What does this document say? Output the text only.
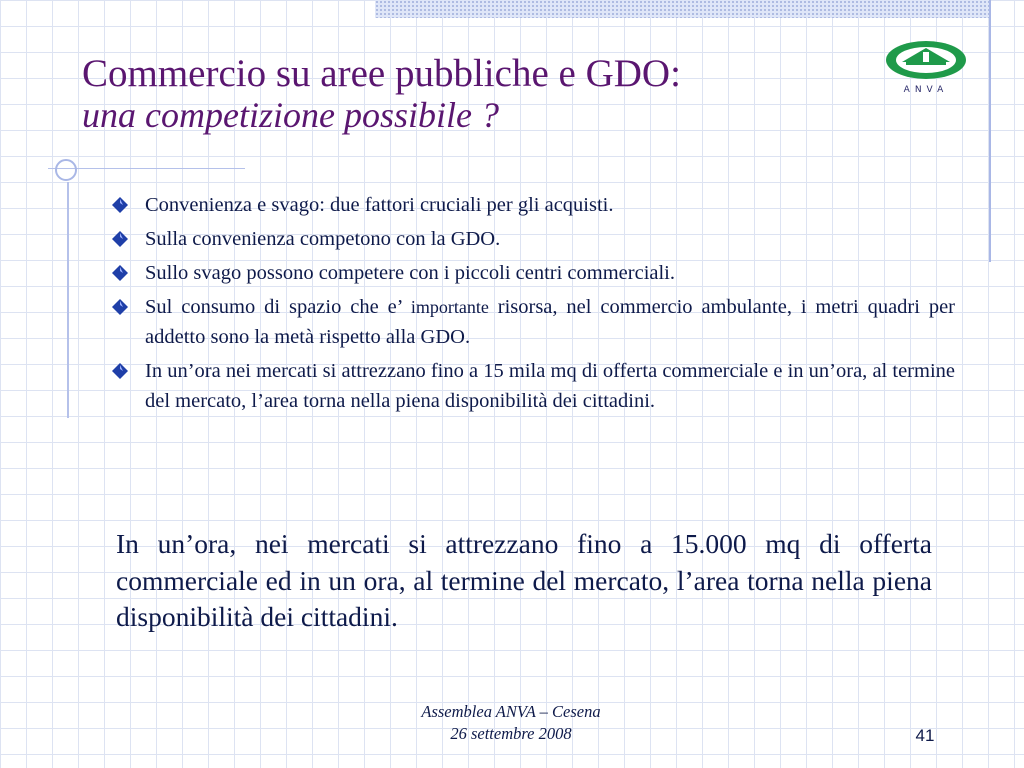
Commercio su aree pubbliche e GDO:
una competizione possibile ?
ANVA
Convenienza e svago: due fattori cruciali per gli acquisti.
Sulla convenienza competono con la GDO.
Sullo svago possono competere con i piccoli centri commerciali.
Sul consumo di spazio che e’ importante risorsa, nel commercio ambulante, i metri quadri per addetto sono la metà rispetto alla GDO.
In un’ora nei mercati si attrezzano fino a 15 mila mq di offerta commerciale e in un’ora, al termine del mercato, l’area torna nella piena disponibilità dei cittadini.

In un’ora, nei mercati si attrezzano fino a 15.000 mq di offerta commerciale ed in un ora, al termine del mercato, l’area torna nella piena disponibilità dei cittadini.

Assemblea ANVA – Cesena
26 settembre 2008	41
